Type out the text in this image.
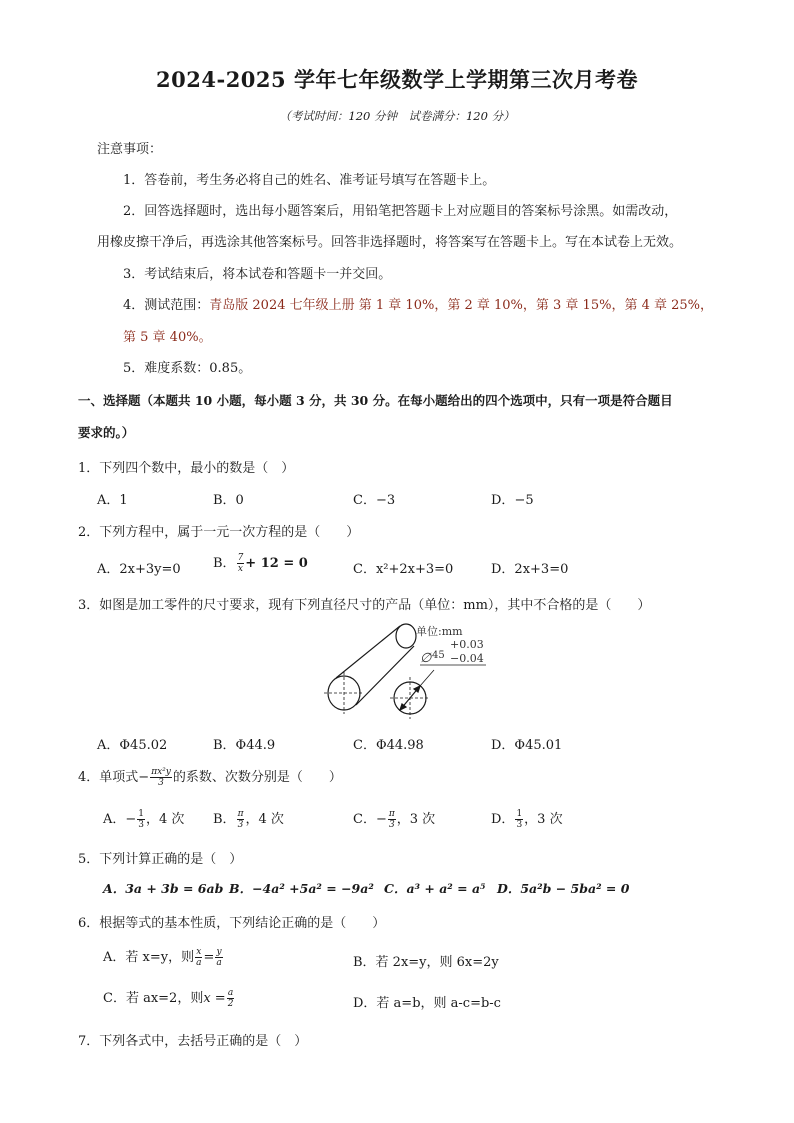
2024-2025 学年七年级数学上学期第三次月考卷
（考试时间：120 分钟　试卷满分：120 分）
注意事项：
1．答卷前，考生务必将自己的姓名、准考证号填写在答题卡上。
2．回答选择题时，选出每小题答案后，用铅笔把答题卡上对应题目的答案标号涂黑。如需改动，
用橡皮擦干净后，再选涂其他答案标号。回答非选择题时，将答案写在答题卡上。写在本试卷上无效。
3．考试结束后，将本试卷和答题卡一并交回。
4．测试范围：青岛版 2024 七年级上册 第 1 章 10%，第 2 章 10%，第 3 章 15%，第 4 章 25%，
第 5 章 40%。
5．难度系数：0.85。
一、选择题（本题共 10 小题，每小题 3 分，共 30 分。在每小题给出的四个选项中，只有一项是符合题目
要求的。）
1．下列四个数中，最小的数是（　）
A．1	B．0	C．−3	D．−5
2．下列方程中，属于一元一次方程的是（　　）
A．2x+3y=0 B． $\frac{7}{x} + 12 = 0$	C．x²+2x+3=0	D．2x+3=0
3．如图是加工零件的尺寸要求，现有下列直径尺寸的产品（单位：mm），其中不合格的是（　　）
单位:mm
∅ 45
+0.03
−0.04
A．Φ45.02	B．Φ44.9	C．Φ44.98	D．Φ45.01
4．单项式− $\frac{\text{πx²y}}{3}$ 的系数、次数分别是（　　）
A．− $\frac{1}{3}$ ，4 次 B． $\frac{\pi}{3}$ ，4 次	C．− $\frac{\pi}{3}$ ，3 次	D． $\frac{1}{3}$ ，3 次
5．下列计算正确的是（　）
A．3a + 3b = 6ab B．−4a² +5a² = −9a² C．a³ + a² = a⁵ D．5a²b − 5ba² = 0
6．根据等式的基本性质，下列结论正确的是（　　）
A．若 x=y，则 $\frac{x}{a} = \frac{y}{a}$	B．若 2x=y，则 6x=2y
C．若 ax=2，则$x = \frac{a}{2}$	D．若 a=b，则 a-c=b-c
7．下列各式中，去括号正确的是（　）
